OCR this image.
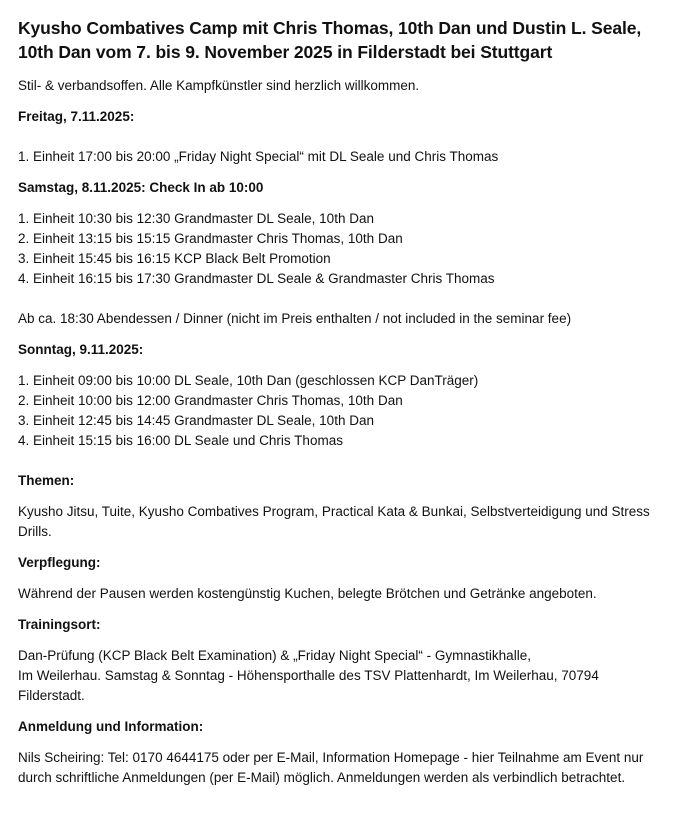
Kyusho Combatives Camp mit Chris Thomas, 10th Dan und Dustin L. Seale, 10th Dan vom 7. bis 9. November 2025 in Filderstadt bei Stuttgart

Stil- & verbandsoffen. Alle Kampfkünstler sind herzlich willkommen.

Freitag, 7.11.2025:

1. Einheit 17:00 bis 20:00 „Friday Night Special“ mit DL Seale und Chris Thomas

Samstag, 8.11.2025: Check In ab 10:00

1. Einheit 10:30 bis 12:30 Grandmaster DL Seale, 10th Dan

2. Einheit 13:15 bis 15:15 Grandmaster Chris Thomas, 10th Dan

3. Einheit 15:45 bis 16:15 KCP Black Belt Promotion

4. Einheit 16:15 bis 17:30 Grandmaster DL Seale & Grandmaster Chris Thomas

Ab ca. 18:30 Abendessen / Dinner (nicht im Preis enthalten / not included in the seminar fee)

Sonntag, 9.11.2025:

1. Einheit 09:00 bis 10:00 DL Seale, 10th Dan (geschlossen KCP DanTräger)

2. Einheit 10:00 bis 12:00 Grandmaster Chris Thomas, 10th Dan

3. Einheit 12:45 bis 14:45 Grandmaster DL Seale, 10th Dan

4. Einheit 15:15 bis 16:00 DL Seale und Chris Thomas

Themen:

Kyusho Jitsu, Tuite, Kyusho Combatives Program, Practical Kata & Bunkai, Selbstverteidigung und Stress Drills.

Verpflegung:

Während der Pausen werden kostengünstig Kuchen, belegte Brötchen und Getränke angeboten.

Trainingsort:

Dan-Prüfung (KCP Black Belt Examination) & „Friday Night Special“ - Gymnastikhalle,

Im Weilerhau. Samstag & Sonntag - Höhensporthalle des TSV Plattenhardt, Im Weilerhau, 70794 Filderstadt.

Anmeldung und Information:

Nils Scheiring: Tel: 0170 4644175 oder per E-Mail, Information Homepage - hier Teilnahme am Event nur durch schriftliche Anmeldungen (per E-Mail) möglich. Anmeldungen werden als verbindlich betrachtet.
